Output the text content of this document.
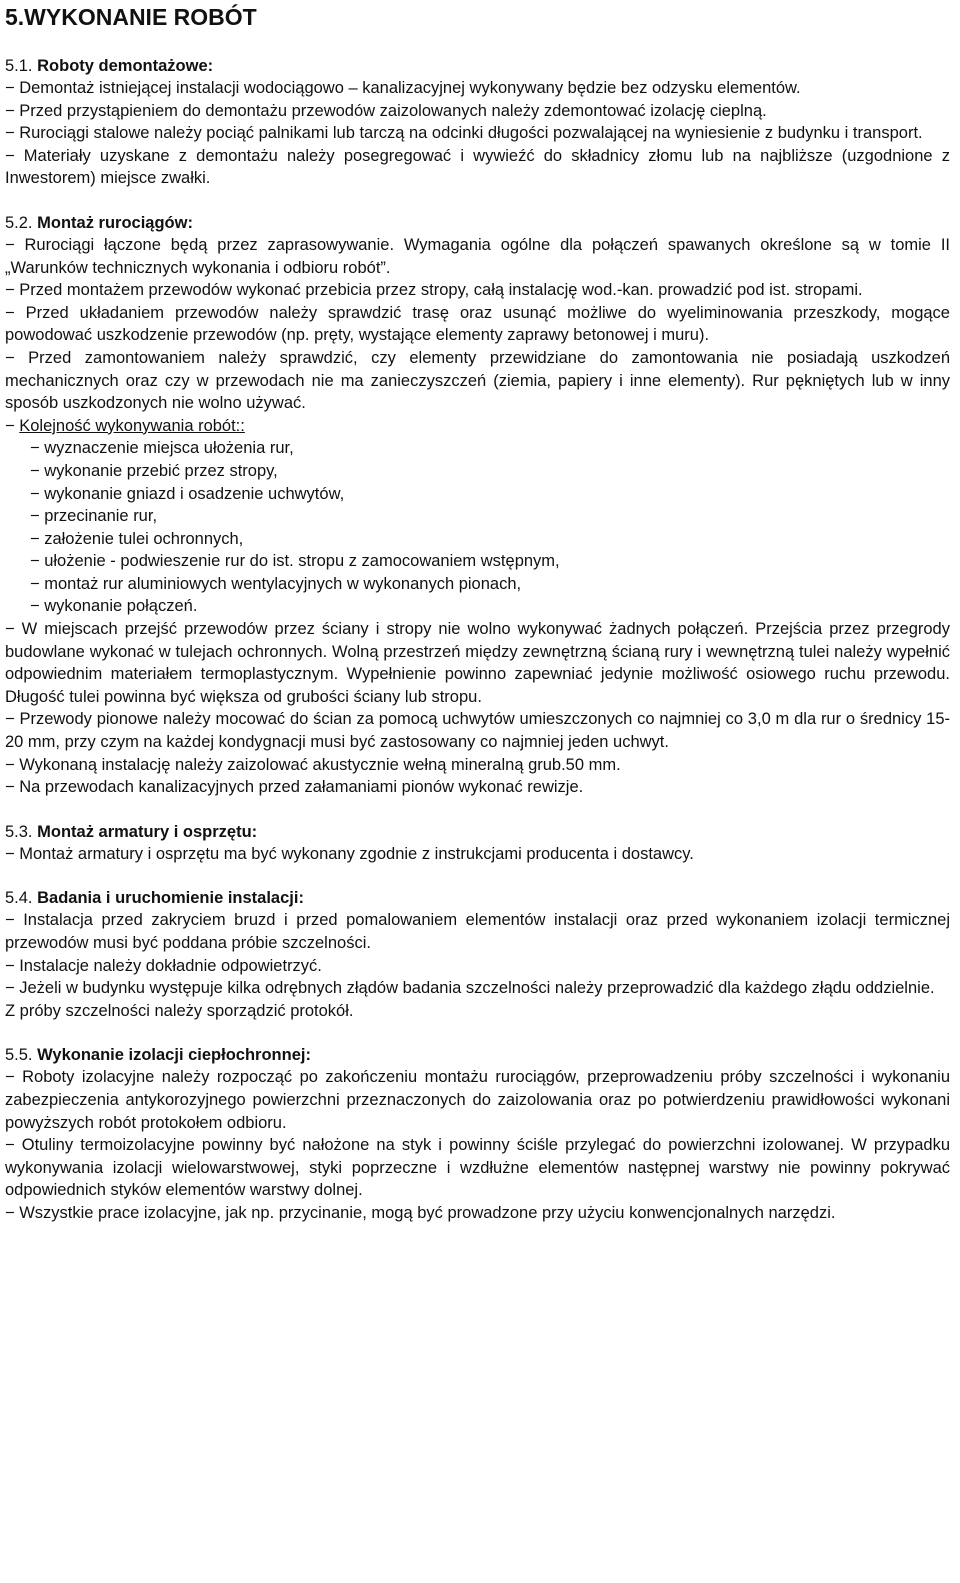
5.WYKONANIE ROBÓT
5.1. Roboty demontażowe:

− Demontaż istniejącej instalacji wodociągowo – kanalizacyjnej wykonywany będzie bez odzysku elementów.

− Przed przystąpieniem do demontażu przewodów zaizolowanych należy zdemontować izolację cieplną.

− Rurociągi stalowe należy pociąć palnikami lub tarczą na odcinki długości pozwalającej na wyniesienie z budynku i transport.

− Materiały uzyskane z demontażu należy posegregować i wywieźć do składnicy złomu lub na najbliższe (uzgodnione z Inwestorem) miejsce zwałki.

5.2. Montaż rurociągów:

− Rurociągi łączone będą przez zaprasowywanie. Wymagania ogólne dla połączeń spawanych określone są w tomie II „Warunków technicznych wykonania i odbioru robót”.

− Przed montażem przewodów wykonać przebicia przez stropy, całą instalację wod.-kan. prowadzić pod ist. stropami.

− Przed układaniem przewodów należy sprawdzić trasę oraz usunąć możliwe do wyeliminowania przeszkody, mogące powodować uszkodzenie przewodów (np. pręty, wystające elementy zaprawy betonowej i muru).

− Przed zamontowaniem należy sprawdzić, czy elementy przewidziane do zamontowania nie posiadają uszkodzeń mechanicznych oraz czy w przewodach nie ma zanieczyszczeń (ziemia, papiery i inne elementy). Rur pękniętych lub w inny sposób uszkodzonych nie wolno używać.

− Kolejność wykonywania robót::

− wyznaczenie miejsca ułożenia rur,

− wykonanie przebić przez stropy,

− wykonanie gniazd i osadzenie uchwytów,

− przecinanie rur,

− założenie tulei ochronnych,

− ułożenie - podwieszenie rur do ist. stropu z zamocowaniem wstępnym,

− montaż rur aluminiowych wentylacyjnych w wykonanych pionach,

− wykonanie połączeń.

− W miejscach przejść przewodów przez ściany i stropy nie wolno wykonywać żadnych połączeń. Przejścia przez przegrody budowlane wykonać w tulejach ochronnych. Wolną przestrzeń między zewnętrzną ścianą rury i wewnętrzną tulei należy wypełnić odpowiednim materiałem termoplastycznym. Wypełnienie powinno zapewniać jedynie możliwość osiowego ruchu przewodu. Długość tulei powinna być większa od grubości ściany lub stropu.

− Przewody pionowe należy mocować do ścian za pomocą uchwytów umieszczonych co najmniej co 3,0 m dla rur o średnicy 15-20 mm, przy czym na każdej kondygnacji musi być zastosowany co najmniej jeden uchwyt.

− Wykonaną instalację należy zaizolować akustycznie wełną mineralną grub.50 mm.

− Na przewodach kanalizacyjnych przed załamaniami pionów wykonać rewizje.

5.3. Montaż armatury i osprzętu:

− Montaż armatury i osprzętu ma być wykonany zgodnie z instrukcjami producenta i dostawcy.

5.4. Badania i uruchomienie instalacji:

− Instalacja przed zakryciem bruzd i przed pomalowaniem elementów instalacji oraz przed wykonaniem izolacji termicznej przewodów musi być poddana próbie szczelności.

− Instalacje należy dokładnie odpowietrzyć.

− Jeżeli w budynku występuje kilka odrębnych złądów badania szczelności należy przeprowadzić dla każdego złądu oddzielnie.

Z próby szczelności należy sporządzić protokół.

5.5. Wykonanie izolacji ciepłochronnej:

− Roboty izolacyjne należy rozpocząć po zakończeniu montażu rurociągów, przeprowadzeniu próby szczelności i wykonaniu zabezpieczenia antykorozyjnego powierzchni przeznaczonych do zaizolowania oraz po potwierdzeniu prawidłowości wykonani powyższych robót protokołem odbioru.

− Otuliny termoizolacyjne powinny być nałożone na styk i powinny ściśle przylegać do powierzchni izolowanej. W przypadku wykonywania izolacji wielowarstwowej, styki poprzeczne i wzdłużne elementów następnej warstwy nie powinny pokrywać odpowiednich styków elementów warstwy dolnej.

− Wszystkie prace izolacyjne, jak np. przycinanie, mogą być prowadzone przy użyciu konwencjonalnych narzędzi.
